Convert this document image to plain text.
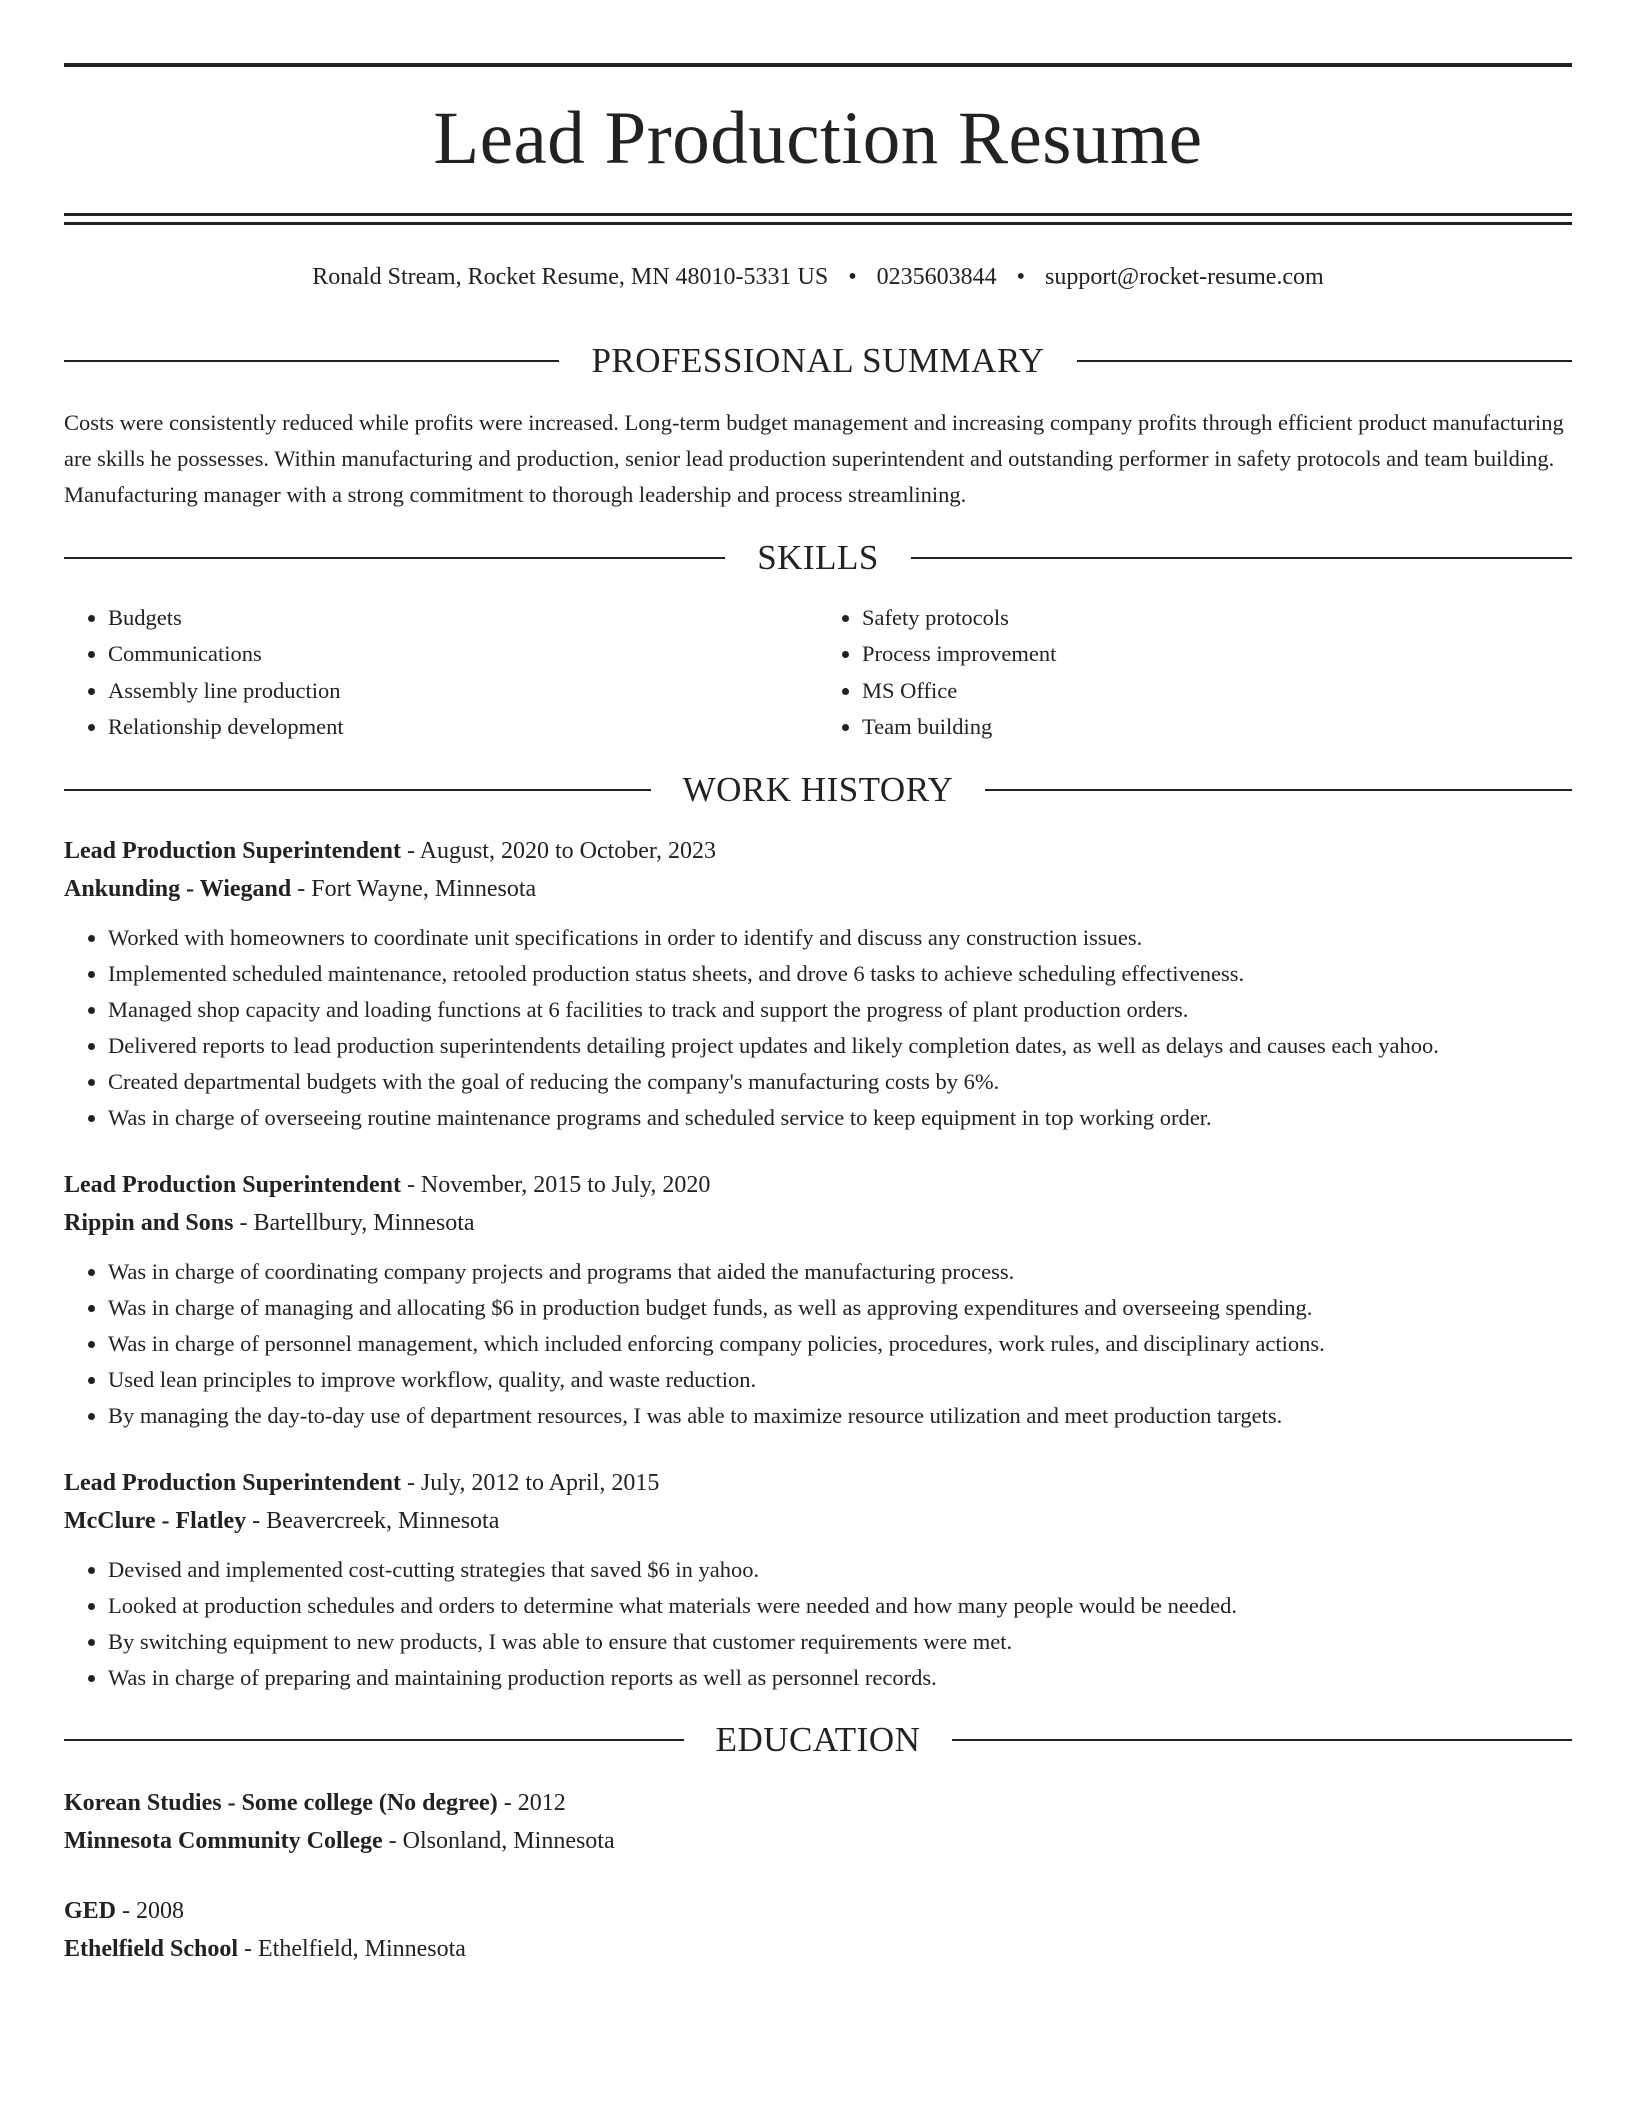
Lead Production Resume
Ronald Stream, Rocket Resume, MN 48010-5331 US • 0235603844 • support@rocket-resume.com
PROFESSIONAL SUMMARY

Costs were consistently reduced while profits were increased. Long-term budget management and increasing company profits through efficient product manufacturing are skills he possesses. Within manufacturing and production, senior lead production superintendent and outstanding performer in safety protocols and team building. Manufacturing manager with a strong commitment to thorough leadership and process streamlining.

SKILLS
• Budgets
• Communications
• Assembly line production
• Relationship development
• Safety protocols
• Process improvement
• MS Office
• Team building
WORK HISTORY
Lead Production Superintendent - August, 2020 to October, 2023
Ankunding - Wiegand - Fort Wayne, Minnesota
• Worked with homeowners to coordinate unit specifications in order to identify and discuss any construction issues.
• Implemented scheduled maintenance, retooled production status sheets, and drove 6 tasks to achieve scheduling effectiveness.
• Managed shop capacity and loading functions at 6 facilities to track and support the progress of plant production orders.
• Delivered reports to lead production superintendents detailing project updates and likely completion dates, as well as delays and causes each yahoo.
• Created departmental budgets with the goal of reducing the company's manufacturing costs by 6%.
• Was in charge of overseeing routine maintenance programs and scheduled service to keep equipment in top working order.
Lead Production Superintendent - November, 2015 to July, 2020
Rippin and Sons - Bartellbury, Minnesota
• Was in charge of coordinating company projects and programs that aided the manufacturing process.
• Was in charge of managing and allocating $6 in production budget funds, as well as approving expenditures and overseeing spending.
• Was in charge of personnel management, which included enforcing company policies, procedures, work rules, and disciplinary actions.
• Used lean principles to improve workflow, quality, and waste reduction.
• By managing the day-to-day use of department resources, I was able to maximize resource utilization and meet production targets.
Lead Production Superintendent - July, 2012 to April, 2015
McClure - Flatley - Beavercreek, Minnesota
• Devised and implemented cost-cutting strategies that saved $6 in yahoo.
• Looked at production schedules and orders to determine what materials were needed and how many people would be needed.
• By switching equipment to new products, I was able to ensure that customer requirements were met.
• Was in charge of preparing and maintaining production reports as well as personnel records.
EDUCATION
Korean Studies - Some college (No degree) - 2012
Minnesota Community College - Olsonland, Minnesota
GED - 2008
Ethelfield School - Ethelfield, Minnesota
